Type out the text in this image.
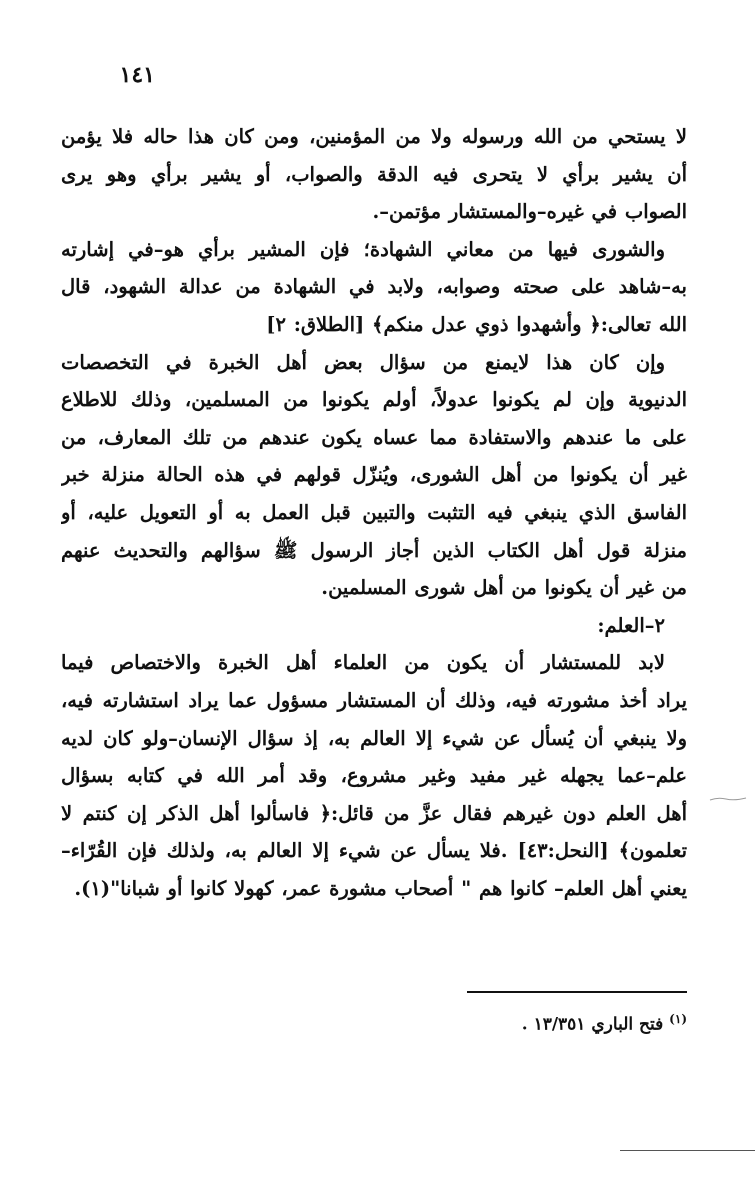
١٤١
لا يستحي من الله ورسوله ولا من المؤمنين، ومن كان هذا حاله فلا يؤمن
أن يشير برأي لا يتحرى فيه الدقة والصواب، أو يشير برأي وهو يرى
الصواب في غيره–والمستشار مؤتمن–.
والشورى فيها من معاني الشهادة؛ فإن المشير برأي هو–في إشارته
به–شاهد على صحته وصوابه، ولابد في الشهادة من عدالة الشهود، قال
الله تعالى:﴿ وأشهدوا ذوي عدل منكم﴾ [الطلاق: ٢]
وإن كان هذا لايمنع من سؤال بعض أهل الخبرة في التخصصات
الدنيوية وإن لم يكونوا عدولاً، أولم يكونوا من المسلمين، وذلك للاطلاع
على ما عندهم والاستفادة مما عساه يكون عندهم من تلك المعارف، من
غير أن يكونوا من أهل الشورى، ويُنزّل قولهم في هذه الحالة منزلة خبر
الفاسق الذي ينبغي فيه التثبت والتبين قبل العمل به أو التعويل عليه، أو
منزلة قول أهل الكتاب الذين أجاز الرسول ﷺ سؤالهم والتحديث عنهم
من غير أن يكونوا من أهل شورى المسلمين.
٢–العلم:
لابد للمستشار أن يكون من العلماء أهل الخبرة والاختصاص فيما
يراد أخذ مشورته فيه، وذلك أن المستشار مسؤول عما يراد استشارته فيه،
ولا ينبغي أن يُسأل عن شيء إلا العالم به، إذ سؤال الإنسان–ولو كان لديه
علم–عما يجهله غير مفيد وغير مشروع، وقد أمر الله في كتابه بسؤال
أهل العلم دون غيرهم فقال عزَّ من قائل:﴿ فاسألوا أهل الذكر إن كنتم لا
تعلمون﴾ [النحل:٤٣] .فلا يسأل عن شيء إلا العالم به، ولذلك فإن القُرّاء–
يعني أهل العلم– كانوا هم " أصحاب مشورة عمر، كهولا كانوا أو شبانا"(١).
$^{(١)}$ فتح الباري ١٣/٣٥١ .
